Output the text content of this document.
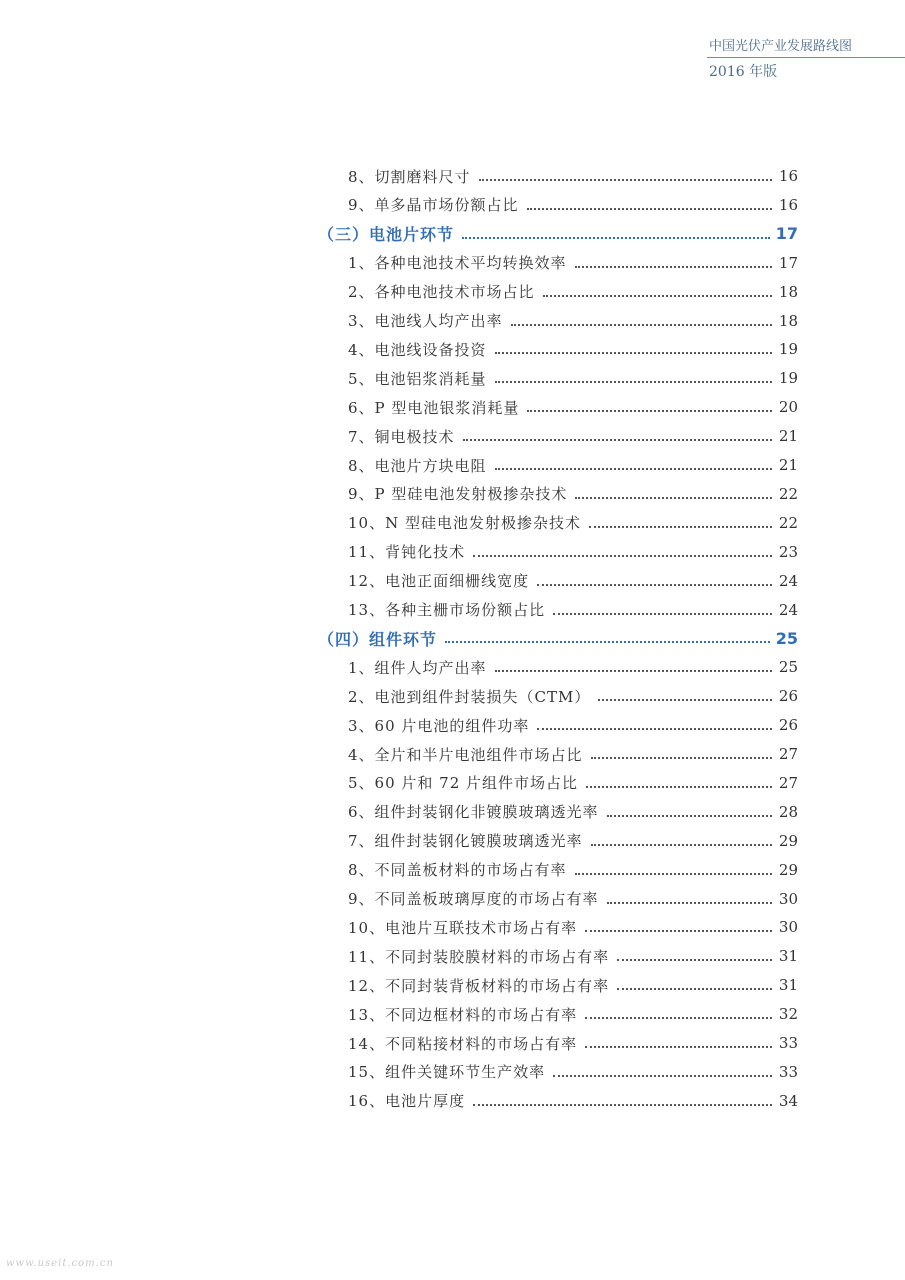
中国光伏产业发展路线图
2016 年版
8、切割磨料尺寸	16
9、单多晶市场份额占比	16
（三）电池片环节	17
1、各种电池技术平均转换效率	17
2、各种电池技术市场占比	18
3、电池线人均产出率	18
4、电池线设备投资	19
5、电池铝浆消耗量	19
6、P 型电池银浆消耗量	20
7、铜电极技术	21
8、电池片方块电阻	21
9、P 型硅电池发射极掺杂技术	22
10、N 型硅电池发射极掺杂技术	22
11、背钝化技术	23
12、电池正面细栅线宽度	24
13、各种主栅市场份额占比	24
（四）组件环节	25
1、组件人均产出率	25
2、电池到组件封装损失（CTM）	26
3、60 片电池的组件功率	26
4、全片和半片电池组件市场占比	27
5、60 片和 72 片组件市场占比	27
6、组件封装钢化非镀膜玻璃透光率	28
7、组件封装钢化镀膜玻璃透光率	29
8、不同盖板材料的市场占有率	29
9、不同盖板玻璃厚度的市场占有率	30
10、电池片互联技术市场占有率	30
11、不同封装胶膜材料的市场占有率	31
12、不同封装背板材料的市场占有率	31
13、不同边框材料的市场占有率	32
14、不同粘接材料的市场占有率	33
15、组件关键环节生产效率	33
16、电池片厚度	34
www.useit.com.cn
